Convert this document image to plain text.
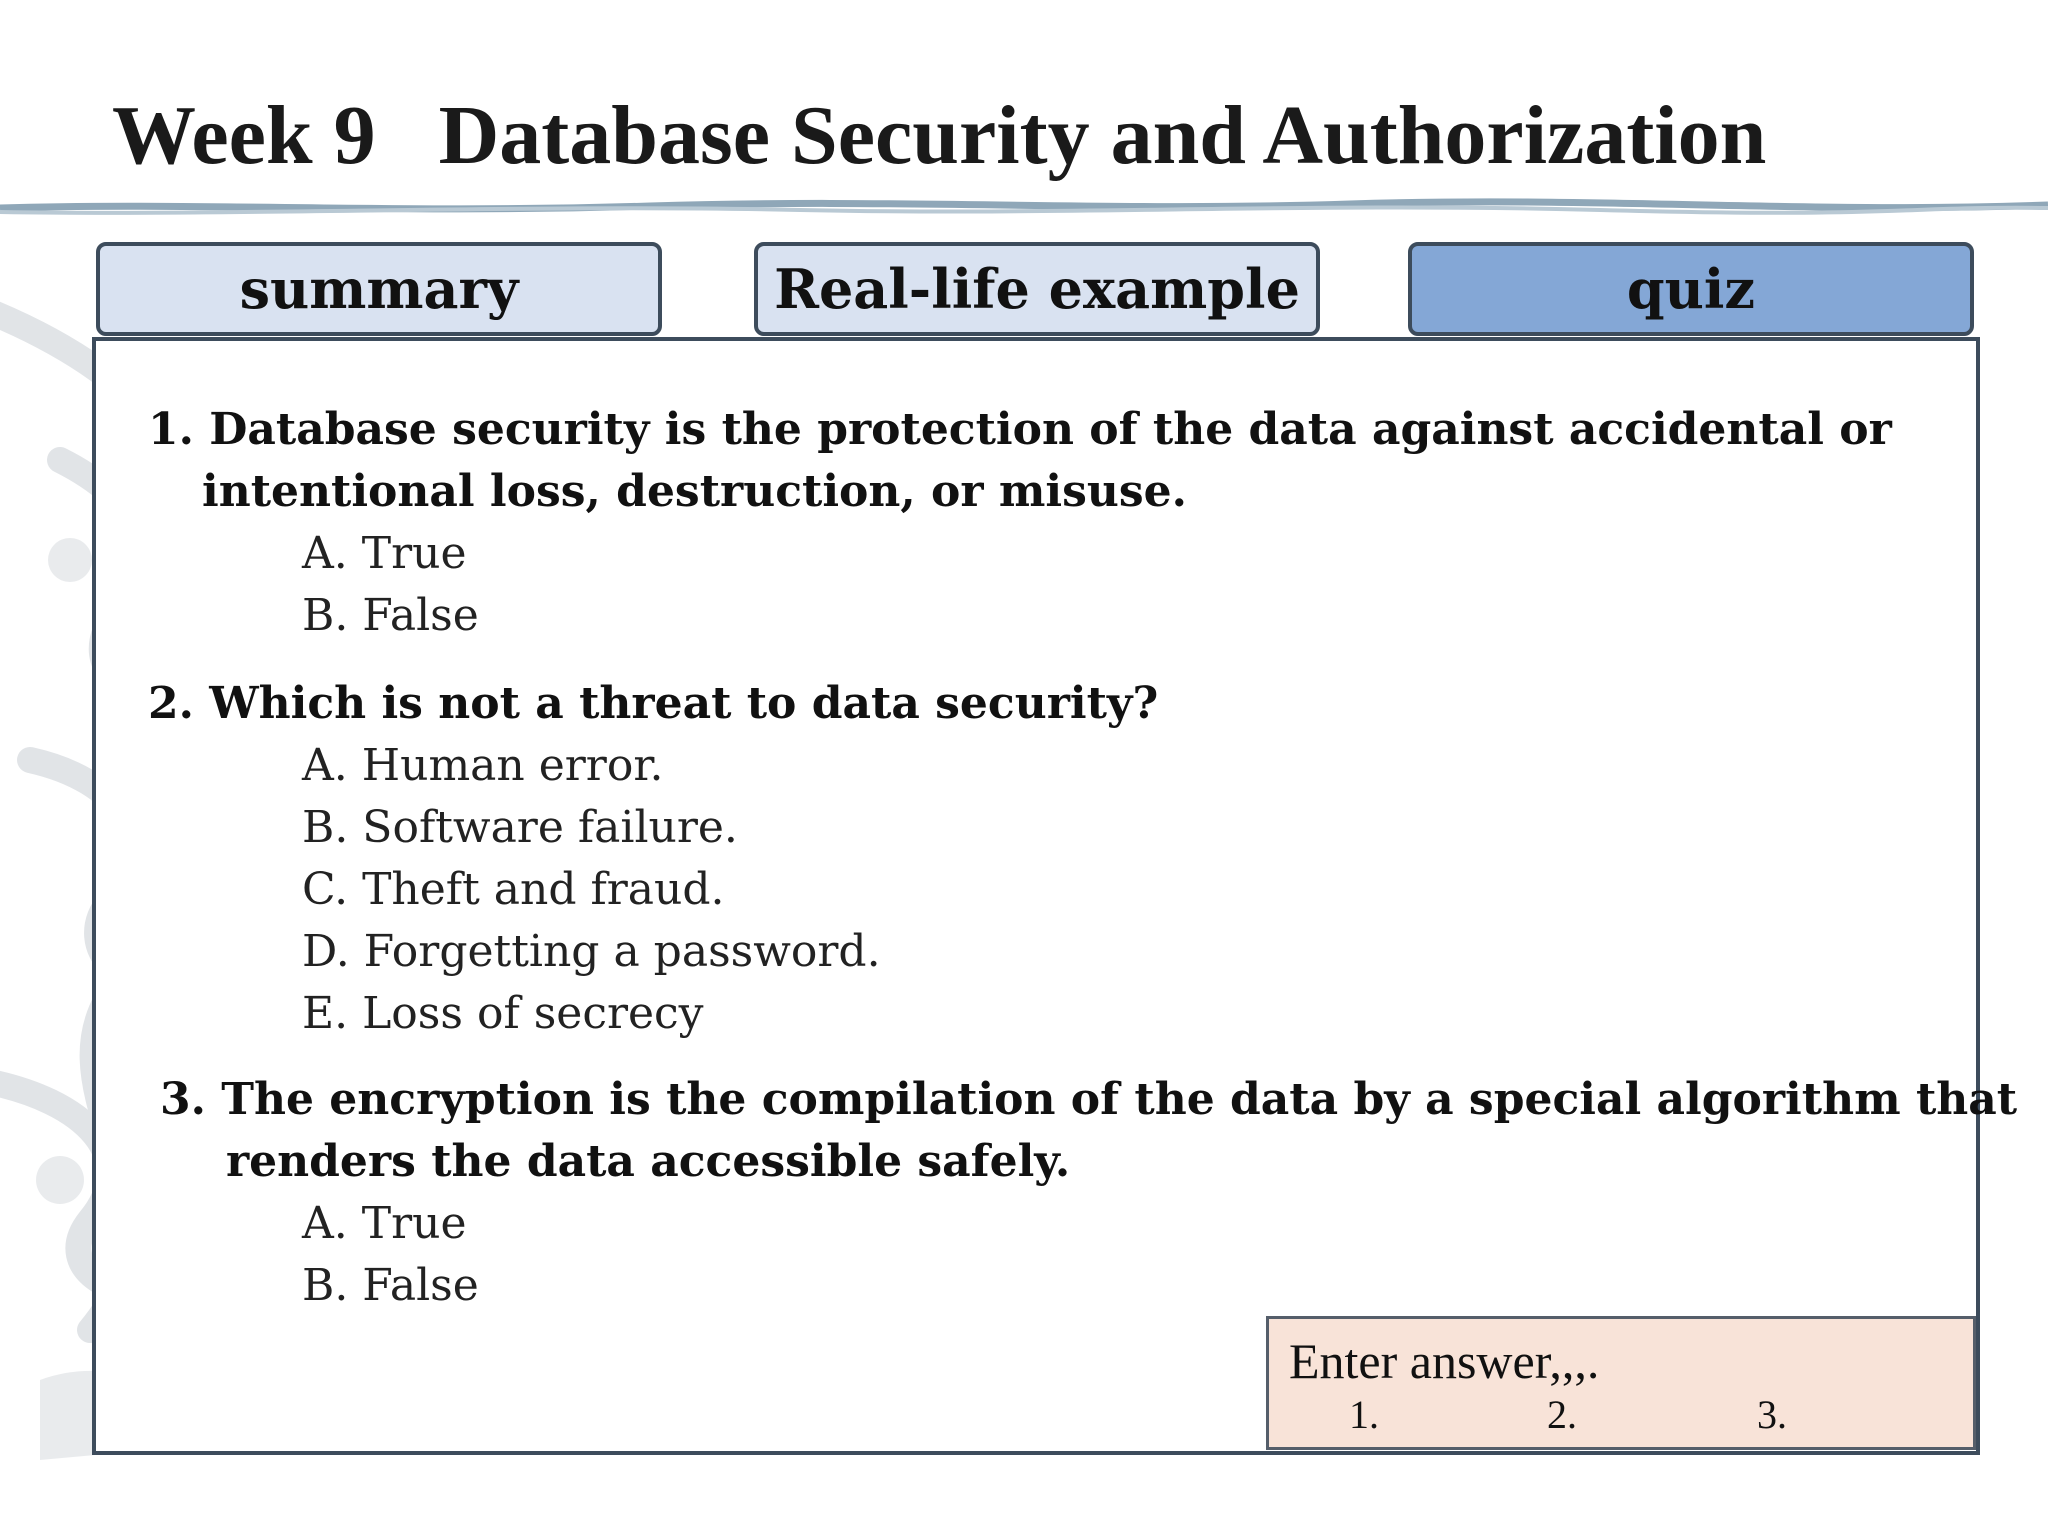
Week 9   Database Security and Authorization
summary	Real-life example	quiz
1. Database security is the protection of the data against accidental or
intentional loss, destruction, or misuse.
A. True
B. False
2. Which is not a threat to data security?
A. Human error.
B. Software failure.
C. Theft and fraud.
D. Forgetting a password.
E. Loss of secrecy
3. The encryption is the compilation of the data by a special algorithm that
renders the data accessible safely.
A. True
B. False
Enter answer,,,.
1.	2.	3.
